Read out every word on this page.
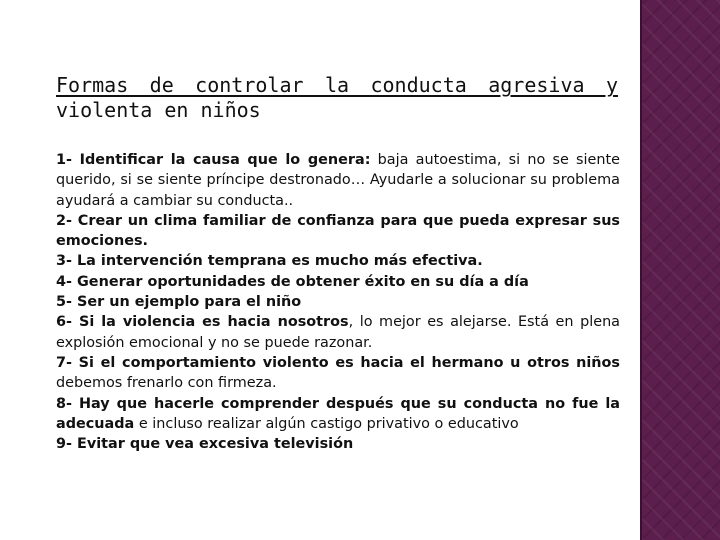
Formas de controlar la conducta agresiva y
violenta en niños

1- Identificar la causa que lo genera: baja autoestima, si no se siente querido, si se siente príncipe destronado… Ayudarle a solucionar su problema ayudará a cambiar su conducta..

2- Crear un clima familiar de confianza para que pueda expresar sus emociones.

3- La intervención temprana es mucho más efectiva.

4- Generar oportunidades de obtener éxito en su día a día

5- Ser un ejemplo para el niño

6- Si la violencia es hacia nosotros, lo mejor es alejarse. Está en plena explosión emocional y no se puede razonar.

7- Si el comportamiento violento es hacia el hermano u otros niños debemos frenarlo con firmeza.

8- Hay que hacerle comprender después que su conducta no fue la adecuada e incluso realizar algún castigo privativo o educativo

9- Evitar que vea excesiva televisión
